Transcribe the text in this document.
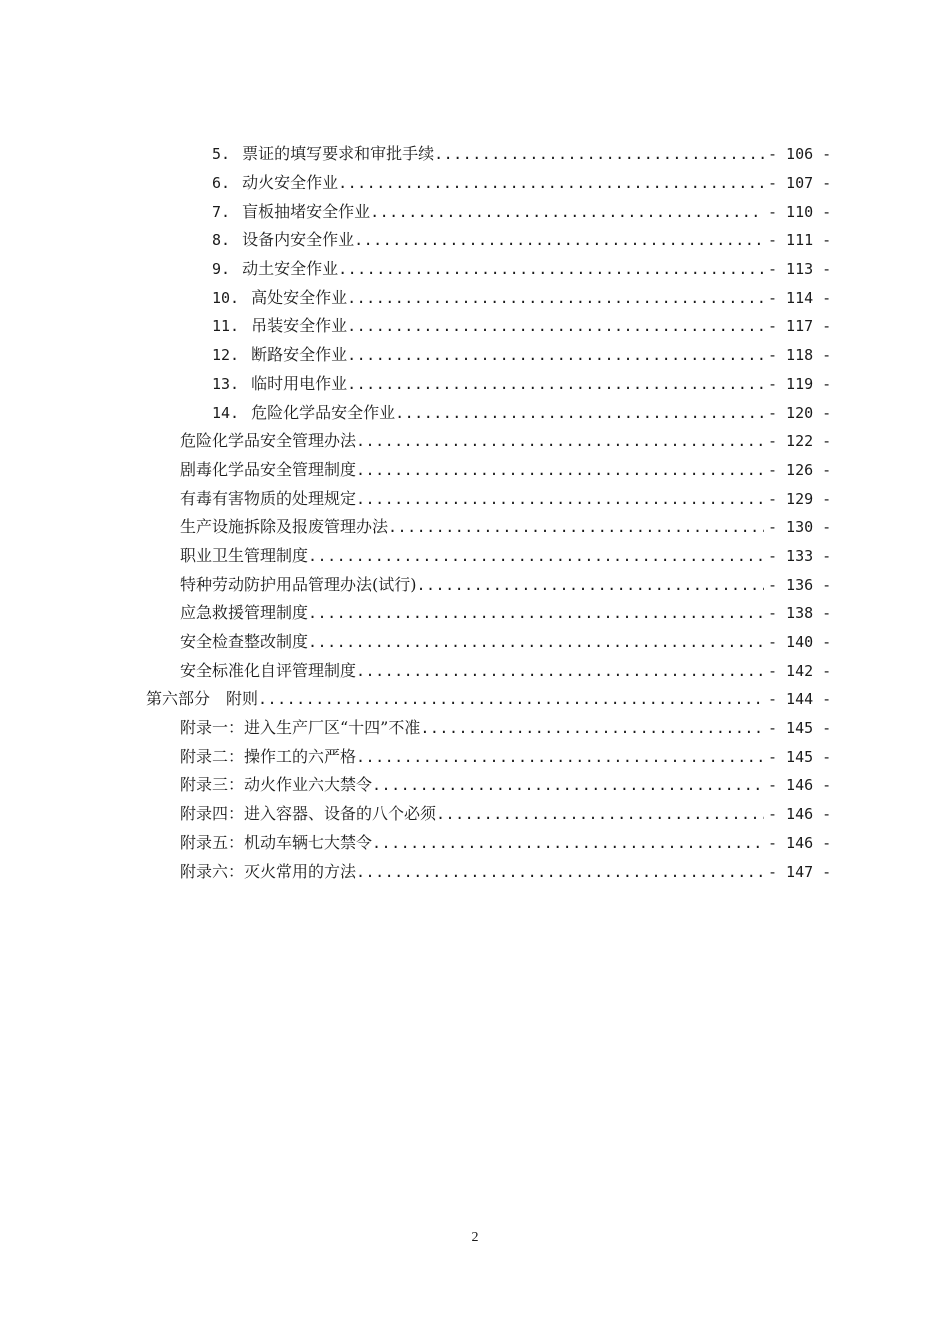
5. 票证的填写要求和审批手续 .....	- 106 -
6. 动火安全作业 .....	- 107 -
7. 盲板抽堵安全作业 .....	- 110 -
8. 设备内安全作业 .....	- 111 -
9. 动土安全作业 .....	- 113 -
10. 高处安全作业 .....	- 114 -
11. 吊装安全作业 .....	- 117 -
12. 断路安全作业 .....	- 118 -
13. 临时用电作业 .....	- 119 -
14. 危险化学品安全作业 .....	- 120 -
危险化学品安全管理办法 .....	- 122 -
剧毒化学品安全管理制度 .....	- 126 -
有毒有害物质的处理规定 .....	- 129 -
生产设施拆除及报废管理办法 .....	- 130 -
职业卫生管理制度 .....	- 133 -
特种劳动防护用品管理办法(试行) .....	- 136 -
应急救援管理制度 .....	- 138 -
安全检查整改制度 .....	- 140 -
安全标准化自评管理制度 .....	- 142 -
第六部分　附则 .....	- 144 -
附录一：进入生产厂区“十四”不准 .....	- 145 -
附录二：操作工的六严格 .....	- 145 -
附录三：动火作业六大禁令 .....	- 146 -
附录四：进入容器、设备的八个必须 .....	- 146 -
附录五：机动车辆七大禁令 .....	- 146 -
附录六：灭火常用的方法 .....	- 147 -
2
